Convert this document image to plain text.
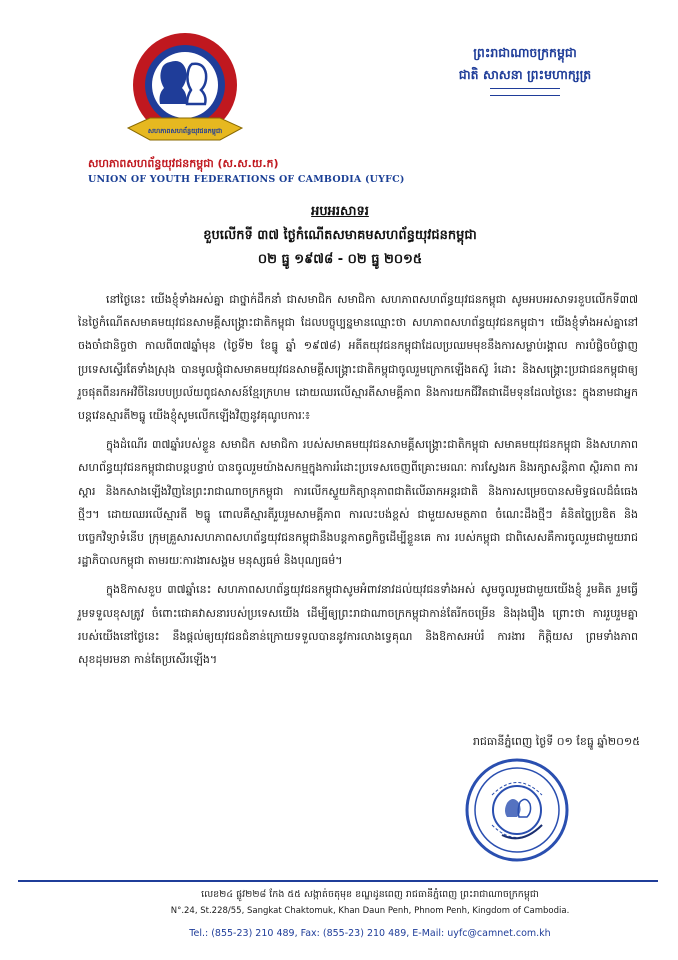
សហភាពសហព័ន្ធយុវជនកម្ពុជា
សហភាពសហព័ន្ធយុវជនកម្ពុជា (ស.ស.យ.ក)
UNION OF YOUTH FEDERATIONS OF CAMBODIA (UYFC)
ព្រះរាជាណាចក្រកម្ពុជា
ជាតិ សាសនា ព្រះមហាក្សត្រ
អបអរសាទរ
ខួបលើកទី ៣៧ ថ្ងៃកំណើតសមាគមសហព័ន្ធយុវជនកម្ពុជា
០២ ធ្នូ ១៩៧៨ - ០២ ធ្នូ ២០១៥

នៅថ្ងៃនេះ យើងខ្ញុំទាំងអស់គ្នា ជាថ្នាក់ដឹកនាំ ជាសមាជិក សមាជិកា សហភាពសហព័ន្ធយុវជនកម្ពុជា សូមអបអរសាទរខួបលើកទី៣៧ នៃថ្ងៃកំណើតសមាគមយុវជនសាមគ្គីសង្គ្រោះជាតិកម្ពុជា ដែលបច្ចុប្បន្នមានឈ្មោះថា សហភាពសហព័ន្ធយុវជនកម្ពុជា។ យើងខ្ញុំទាំងអស់គ្នានៅចងចាំជានិច្ចថា កាលពី៣៧ឆ្នាំមុន (ថ្ងៃទី២ ខែធ្នូ ឆ្នាំ ១៩៧៨) អតីតយុវជនកម្ពុជាដែលប្រឈមមុខនឹងការសម្លាប់រង្គាល ការបំផ្លិចបំផ្លាញប្រទេសស្ទើរតែទាំងស្រុង បានមូលផ្តុំជាសមាគមយុវជនសាមគ្គីសង្គ្រោះជាតិកម្ពុជាចូលរួមក្រោកឡើងតស៊ូ រំដោះ និងសង្គ្រោះប្រជាជនកម្ពុជាឲ្យរួចផុតពីនរកអវិចីនៃរបបប្រល័យពូជសាសន៍ខ្មែរក្រហម ដោយឈរលើស្មារតីសាមគ្គីភាព និងការយកជីវិតជាដើមទុនដែលថ្ងៃនេះ ក្នុងនាមជាអ្នកបន្តវេនស្មារតី២ធ្នូ យើងខ្ញុំសូមលើកឡើងវិញនូវគុណូបការៈ៖

ក្នុងដំណើរ ៣៧ឆ្នាំរបស់ខ្លួន សមាជិក សមាជិកា របស់សមាគមយុវជនសាមគ្គីសង្គ្រោះជាតិកម្ពុជា សមាគមយុវជនកម្ពុជា និងសហភាពសហព័ន្ធយុវជនកម្ពុជាជាបន្តបន្ទាប់ បានចូលរួមយ៉ាងសកម្មក្នុងការរំដោះប្រទេសចេញពីគ្រោះមរណៈ ការស្វែងរក និងរក្សាសន្តិភាព ស្ថិរភាព ការស្តារ និងកសាងឡើងវិញនៃព្រះរាជាណាចក្រកម្ពុជា ការលើកស្ទួយកិត្យានុភាពជាតិលើឆាកអន្តរជាតិ និងការសម្រេចបានសមិទ្ធផលដ៏ធំធេងថ្មីៗ។ ដោយឈរលើស្មារតី ២ធ្នូ ពោលគឺស្មារតីរួបរួមសាមគ្គីភាព ការលះបង់ខ្ពស់ ជាមួយសមត្ថភាព ចំណេះដឹងថ្មីៗ គំនិតច្នៃប្រឌិត និងបច្ចេកវិទ្យាទំនើប ក្រុមគ្រួសារសហភាពសហព័ន្ធយុវជនកម្ពុជានឹងបន្តកាតព្វកិច្ចដើម្បីខ្លួនគេ ការ របស់កម្ពុជា ជាពិសេសគឺការចូលរួមជាមួយរាជរដ្ឋាភិបាលកម្ពុជា តាមរយៈការងារសង្គម មនុស្សធម៌ និងបុណ្យធម៌។

ក្នុងឱកាសខួប ៣៧ឆ្នាំនេះ សហភាពសហព័ន្ធយុវជនកម្ពុជាសូមអំពាវនាវដល់យុវជនទាំងអស់ សូមចូលរួមជាមួយយើងខ្ញុំ រួមគិត រួមធ្វើ រួមទទួលខុសត្រូវ ចំពោះជោគវាសនារបស់ប្រទេសយើង ដើម្បីឲ្យព្រះរាជាណាចក្រកម្ពុជាកាន់តែរីកចម្រើន និងរុងរឿង ព្រោះថា ការរួបរួមគ្នារបស់យើងនៅថ្ងៃនេះ នឹងផ្តល់ឲ្យយុវជនជំនាន់ក្រោយទទួលបាននូវការលាងទ្វេគុណ និងឱកាសអប់រំ ការងារ កិត្តិយស ព្រមទាំងភាពសុខដុមរមនា កាន់តែប្រសើរឡើង។

រាជធានីភ្នំពេញ ថ្ងៃទី ០១ ខែធ្នូ ឆ្នាំ២០១៥
លេខ២៤ ផ្លូវ២២៨ កែង ៥៥ សង្កាត់ចតុមុខ ខណ្ឌដូនពេញ រាជធានីភ្នំពេញ ព្រះរាជាណាចក្រកម្ពុជា
N°.24, St.228/55, Sangkat Chaktomuk, Khan Daun Penh, Phnom Penh, Kingdom of Cambodia.
Tel.: (855-23) 210 489, Fax: (855-23) 210 489, E-Mail: uyfc@camnet.com.kh
